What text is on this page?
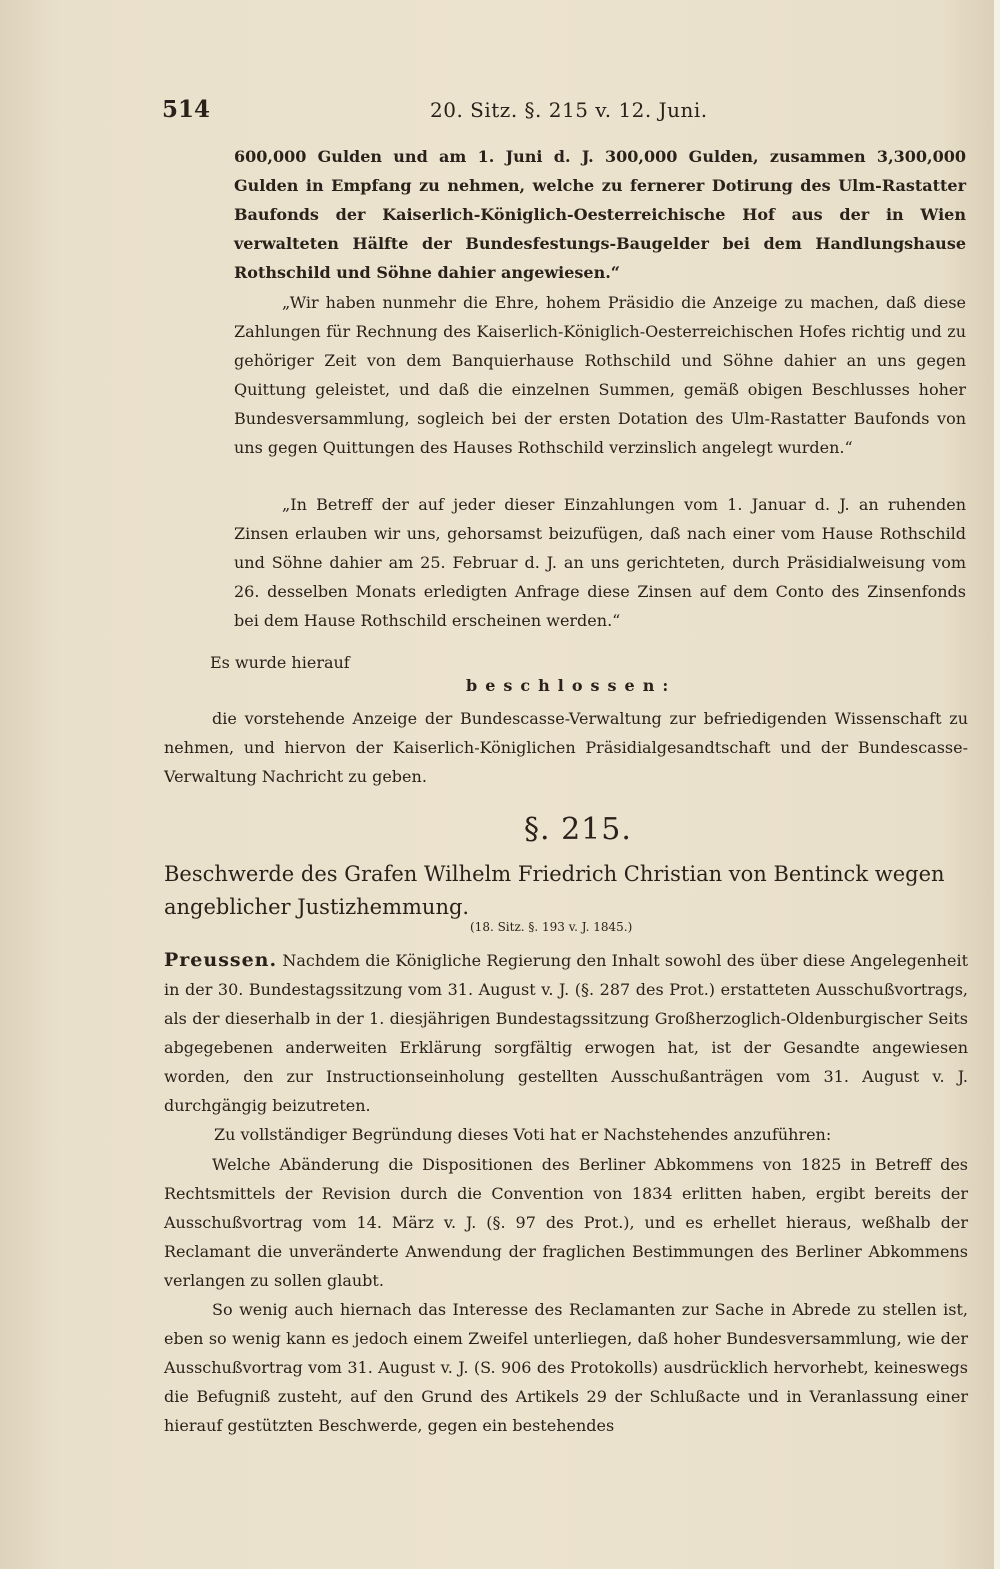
514	20. Sitz. §. 215 v. 12. Juni.
600,000 Gulden und am 1. Juni d. J. 300,000 Gulden, zusammen 3,300,000 Gulden in Empfang zu nehmen, welche zu fernerer Dotirung des Ulm-Rastatter Baufonds der Kaiserlich-Königlich-Oesterreichische Hof aus der in Wien verwalteten Hälfte der Bundesfestungs-Baugelder bei dem Handlungshause Rothschild und Söhne dahier angewiesen.“
„Wir haben nunmehr die Ehre, hohem Präsidio die Anzeige zu machen, daß diese Zahlungen für Rechnung des Kaiserlich-Königlich-Oesterreichischen Hofes richtig und zu gehöriger Zeit von dem Banquierhause Rothschild und Söhne dahier an uns gegen Quittung geleistet, und daß die einzelnen Summen, gemäß obigen Beschlusses hoher Bundesversammlung, sogleich bei der ersten Dotation des Ulm-Rastatter Baufonds von uns gegen Quittungen des Hauses Rothschild verzinslich angelegt wurden.“
„In Betreff der auf jeder dieser Einzahlungen vom 1. Januar d. J. an ruhenden Zinsen erlauben wir uns, gehorsamst beizufügen, daß nach einer vom Hause Rothschild und Söhne dahier am 25. Februar d. J. an uns gerichteten, durch Präsidialweisung vom 26. desselben Monats erledigten Anfrage diese Zinsen auf dem Conto des Zinsenfonds bei dem Hause Rothschild erscheinen werden.“
Es wurde hierauf
beschlossen:
die vorstehende Anzeige der Bundescasse-Verwaltung zur befriedigenden Wissenschaft zu nehmen, und hiervon der Kaiserlich-Königlichen Präsidialgesandtschaft und der Bundescasse-Verwaltung Nachricht zu geben.
§. 215.
Beschwerde des Grafen Wilhelm Friedrich Christian von Bentinck wegen angeblicher Justizhemmung.
(18. Sitz. §. 193 v. J. 1845.)
Preussen. Nachdem die Königliche Regierung den Inhalt sowohl des über diese Angelegenheit in der 30. Bundestagssitzung vom 31. August v. J. (§. 287 des Prot.) erstatteten Ausschußvortrags, als der dieserhalb in der 1. diesjährigen Bundestagssitzung Großherzoglich-Oldenburgischer Seits abgegebenen anderweiten Erklärung sorgfältig erwogen hat, ist der Gesandte angewiesen worden, den zur Instructionseinholung gestellten Ausschußanträgen vom 31. August v. J. durchgängig beizutreten.
Zu vollständiger Begründung dieses Voti hat er Nachstehendes anzuführen:
Welche Abänderung die Dispositionen des Berliner Abkommens von 1825 in Betreff des Rechtsmittels der Revision durch die Convention von 1834 erlitten haben, ergibt bereits der Ausschußvortrag vom 14. März v. J. (§. 97 des Prot.), und es erhellet hieraus, weßhalb der Reclamant die unveränderte Anwendung der fraglichen Bestimmungen des Berliner Abkommens verlangen zu sollen glaubt.
So wenig auch hiernach das Interesse des Reclamanten zur Sache in Abrede zu stellen ist, eben so wenig kann es jedoch einem Zweifel unterliegen, daß hoher Bundesversammlung, wie der Ausschußvortrag vom 31. August v. J. (S. 906 des Protokolls) ausdrücklich hervorhebt, keineswegs die Befugniß zusteht, auf den Grund des Artikels 29 der Schlußacte und in Veranlassung einer hierauf gestützten Beschwerde, gegen ein bestehendes
